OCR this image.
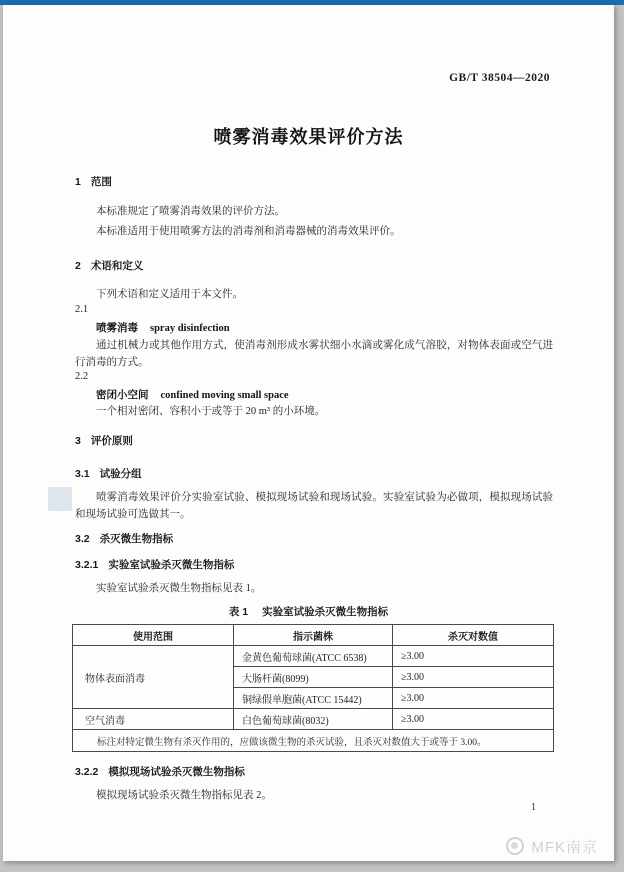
GB/T 38504—2020
喷雾消毒效果评价方法
1 范围
本标准规定了喷雾消毒效果的评价方法。
本标准适用于使用喷雾方法的消毒剂和消毒器械的消毒效果评价。
2 术语和定义
下列术语和定义适用于本文件。
2.1
喷雾消毒 spray disinfection
通过机械力或其他作用方式，使消毒剂形成水雾状细小水滴或雾化成气溶胶，对物体表面或空气进行消毒的方式。
2.2
密闭小空间 confined moving small space
一个相对密闭、容积小于或等于 20 m³ 的小环境。
3 评价原则
3.1 试验分组
喷雾消毒效果评价分实验室试验、模拟现场试验和现场试验。实验室试验为必做项，模拟现场试验和现场试验可选做其一。
3.2 杀灭微生物指标
3.2.1 实验室试验杀灭微生物指标
实验室试验杀灭微生物指标见表 1。
表 1 实验室试验杀灭微生物指标
使用范围	指示菌株	杀灭对数值
物体表面消毒	金黄色葡萄球菌(ATCC 6538)	≥3.00
	大肠杆菌(8099)	≥3.00
	铜绿假单胞菌(ATCC 15442)	≥3.00
空气消毒	白色葡萄球菌(8032)	≥3.00
标注对特定微生物有杀灭作用的，应做该微生物的杀灭试验，且杀灭对数值大于或等于 3.00。		
3.2.2 模拟现场试验杀灭微生物指标
模拟现场试验杀灭微生物指标见表 2。
1
MFK南京
